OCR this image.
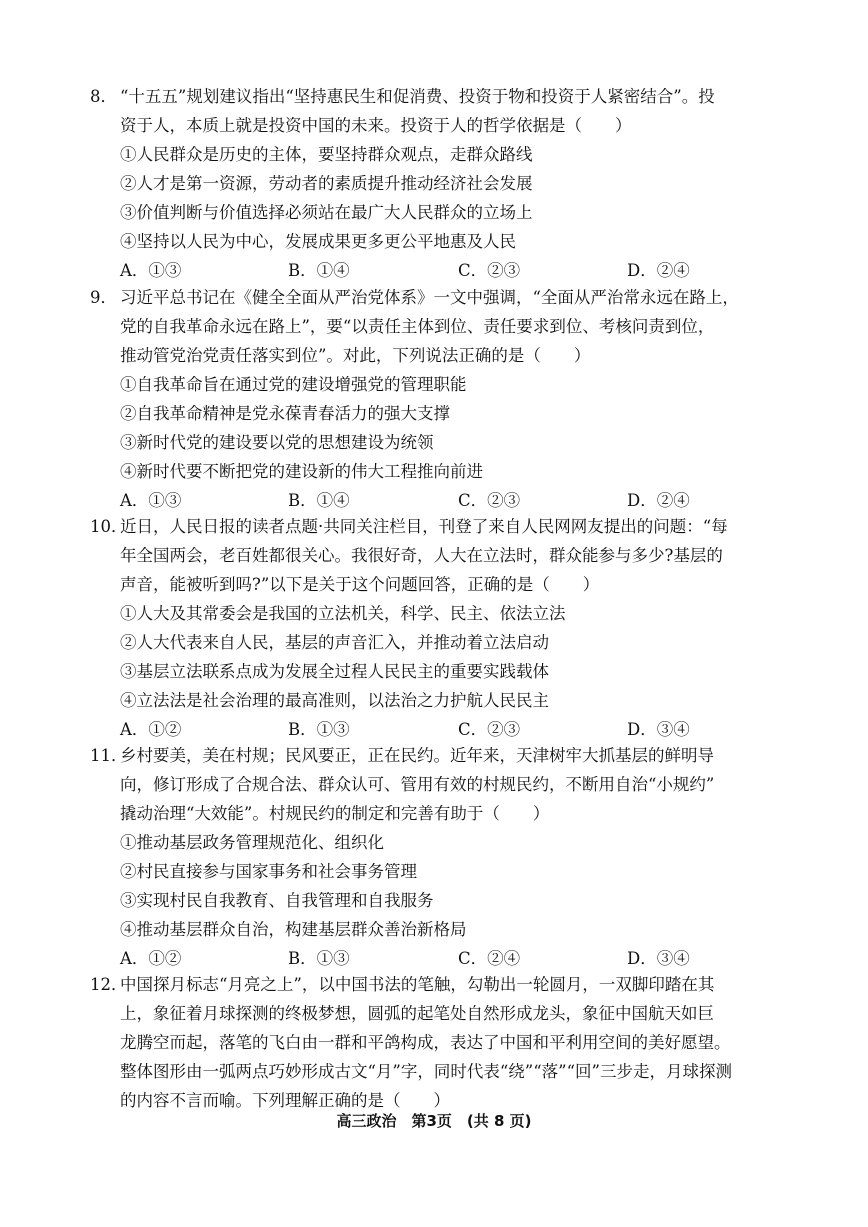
8． “十五五”规划建议指出“坚持惠民生和促消费、投资于物和投资于人紧密结合”。投
资于人，本质上就是投资中国的未来。投资于人的哲学依据是（　　）
①人民群众是历史的主体，要坚持群众观点，走群众路线
②人才是第一资源，劳动者的素质提升推动经济社会发展
③价值判断与价值选择必须站在最广大人民群众的立场上
④坚持以人民为中心，发展成果更多更公平地惠及人民
A．①③	B．①④	C．②③	D．②④
9． 习近平总书记在《健全全面从严治党体系》一文中强调，“全面从严治常永远在路上，
党的自我革命永远在路上”，要“以责任主体到位、责任要求到位、考核问责到位，
推动管党治党责任落实到位”。对此，下列说法正确的是（　　）
①自我革命旨在通过党的建设增强党的管理职能
②自我革命精神是党永葆青春活力的强大支撑
③新时代党的建设要以党的思想建设为统领
④新时代要不断把党的建设新的伟大工程推向前进
A．①③	B．①④	C．②③	D．②④
10．近日，人民日报的读者点题·共同关注栏目，刊登了来自人民网网友提出的问题：“每
年全国两会，老百姓都很关心。我很好奇，人大在立法时，群众能参与多少?基层的
声音，能被听到吗?”以下是关于这个问题回答，正确的是（　　）
①人大及其常委会是我国的立法机关，科学、民主、依法立法
②人大代表来自人民，基层的声音汇入，并推动着立法启动
③基层立法联系点成为发展全过程人民民主的重要实践载体
④立法法是社会治理的最高准则，以法治之力护航人民民主
A．①②	B．①③	C．②③	D．③④
11．乡村要美，美在村规；民风要正，正在民约。近年来，天津树牢大抓基层的鲜明导
向，修订形成了合规合法、群众认可、管用有效的村规民约，不断用自治“小规约”
撬动治理“大效能”。村规民约的制定和完善有助于（　　）
①推动基层政务管理规范化、组织化
②村民直接参与国家事务和社会事务管理
③实现村民自我教育、自我管理和自我服务
④推动基层群众自治，构建基层群众善治新格局
A．①②	B．①③	C．②④	D．③④
12．中国探月标志“月亮之上”，以中国书法的笔触，勾勒出一轮圆月，一双脚印踏在其
上，象征着月球探测的终极梦想，圆弧的起笔处自然形成龙头，象征中国航天如巨
龙腾空而起，落笔的飞白由一群和平鸽构成，表达了中国和平利用空间的美好愿望。
整体图形由一弧两点巧妙形成古文“月”字，同时代表“绕”“落”“回”三步走，月球探测
的内容不言而喻。下列理解正确的是（　　）
高三政治　第3页　(共 8 页)
